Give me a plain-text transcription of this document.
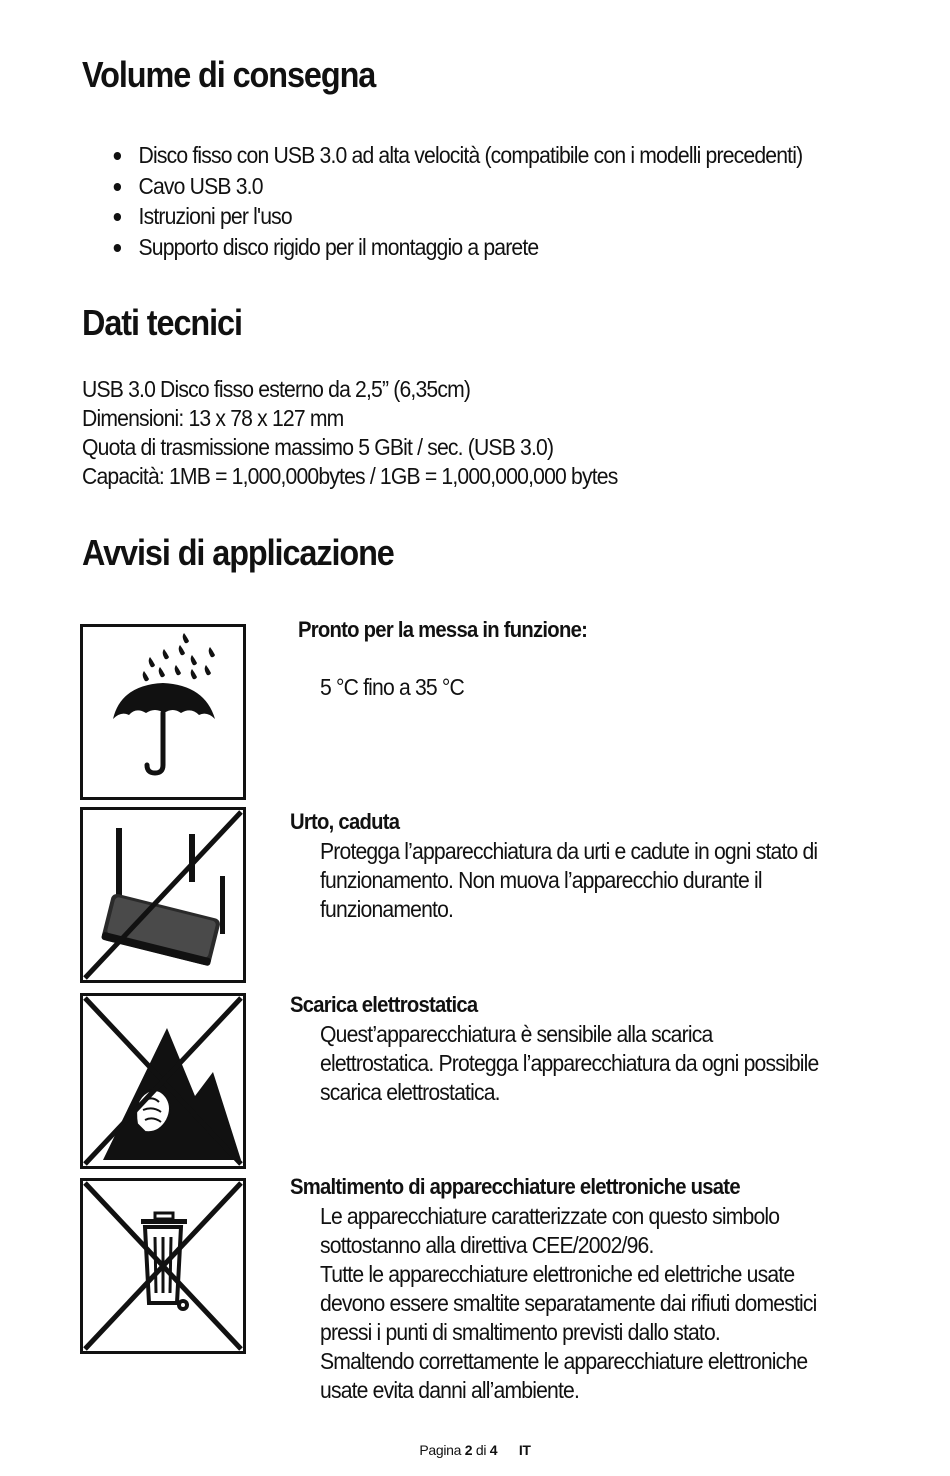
Volume di consegna
Disco fisso con USB 3.0 ad alta velocità (compatibile con i modelli precedenti)
Cavo USB 3.0
Istruzioni per l'uso
Supporto disco rigido per il montaggio a parete
Dati tecnici
USB 3.0 Disco fisso esterno da 2,5” (6,35cm)
Dimensioni: 13 x 78 x 127 mm
Quota di trasmissione massimo 5 GBit / sec. (USB 3.0)
Capacità: 1MB = 1,000,000bytes / 1GB = 1,000,000,000 bytes
Avvisi di applicazione
Pronto per la messa in funzione:
5 °C fino a 35 °C
Urto, caduta
Protegga l’apparecchiatura da urti e cadute in ogni stato di
funzionamento. Non muova l’apparecchio durante il
funzionamento.
Scarica elettrostatica
Quest’apparecchiatura è sensibile alla scarica
elettrostatica. Protegga l’apparecchiatura da ogni possibile
scarica elettrostatica.
Smaltimento di apparecchiature elettroniche usate
Le apparecchiature caratterizzate con questo simbolo
sottostanno alla direttiva CEE/2002/96.
Tutte le apparecchiature elettroniche ed elettriche usate
devono essere smaltite separatamente dai rifiuti domestici
pressi i punti di smaltimento previsti dallo stato.
Smaltendo correttamente le apparecchiature elettroniche
usate evita danni all’ambiente.
Pagina 2 di 4 IT
